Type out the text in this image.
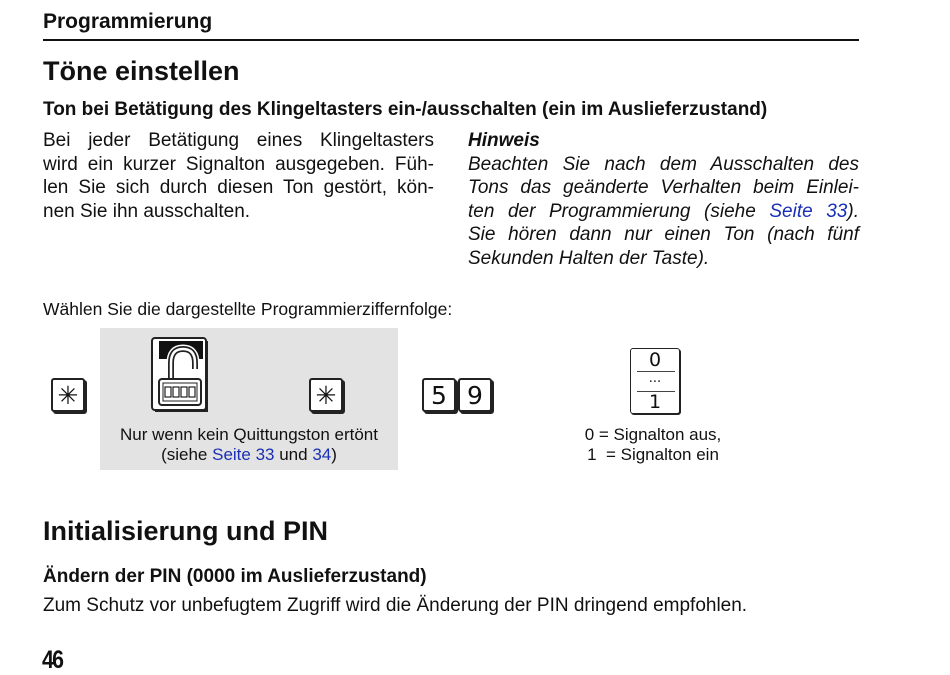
Programmierung
Töne einstellen
Ton bei Betätigung des Klingeltasters ein-/ausschalten (ein im Auslieferzustand)
Bei jeder Betätigung eines Klingeltasters
wird ein kurzer Signalton ausgegeben. Füh-
len Sie sich durch diesen Ton gestört, kön-
nen Sie ihn ausschalten.
Hinweis
Beachten Sie nach dem Ausschalten des
Tons das geänderte Verhalten beim Einlei-
ten der Programmierung (siehe Seite 33).
Sie hören dann nur einen Ton (nach fünf
Sekunden Halten der Taste).
Wählen Sie die dargestellte Programmierziffernfolge:
✳	✳
Nur wenn kein Quittungston ertönt
(siehe Seite 33 und 34)
5 9
0
...
1
0 = Signalton aus,
1  = Signalton ein
Initialisierung und PIN
Ändern der PIN (0000 im Auslieferzustand)
Zum Schutz vor unbefugtem Zugriff wird die Änderung der PIN dringend empfohlen.
46
